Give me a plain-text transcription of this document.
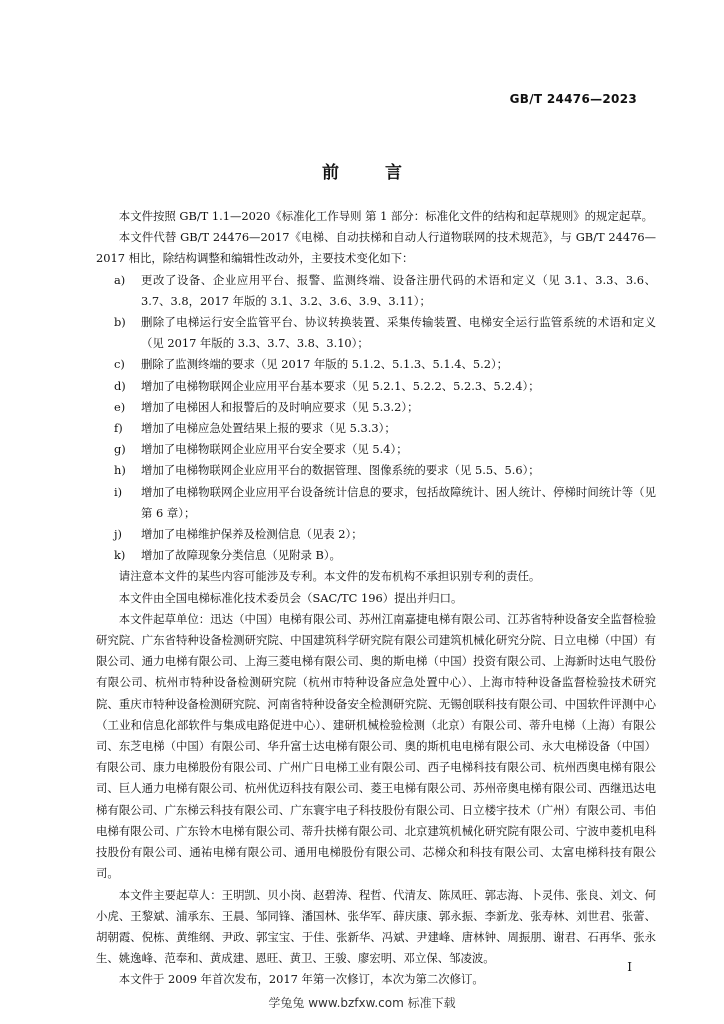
GB/T 24476—2023
前 言

本文件按照 GB/T 1.1—2020《标准化工作导则 第 1 部分：标准化文件的结构和起草规则》的规定起草。

本文件代替 GB/T 24476—2017《电梯、自动扶梯和自动人行道物联网的技术规范》，与 GB/T 24476—2017 相比，除结构调整和编辑性改动外，主要技术变化如下：

a)	更改了设备、企业应用平台、报警、监测终端、设备注册代码的术语和定义（见 3.1、3.3、3.6、3.7、3.8，2017 年版的 3.1、3.2、3.6、3.9、3.11）；
b)	删除了电梯运行安全监管平台、协议转换装置、采集传输装置、电梯安全运行监管系统的术语和定义（见 2017 年版的 3.3、3.7、3.8、3.10）；
c)	删除了监测终端的要求（见 2017 年版的 5.1.2、5.1.3、5.1.4、5.2）；
d)	增加了电梯物联网企业应用平台基本要求（见 5.2.1、5.2.2、5.2.3、5.2.4）；
e)	增加了电梯困人和报警后的及时响应要求（见 5.3.2）；
f)	增加了电梯应急处置结果上报的要求（见 5.3.3）；
g)	增加了电梯物联网企业应用平台安全要求（见 5.4）；
h)	增加了电梯物联网企业应用平台的数据管理、图像系统的要求（见 5.5、5.6）；
i)	增加了电梯物联网企业应用平台设备统计信息的要求，包括故障统计、困人统计、停梯时间统计等（见第 6 章）；
j)	增加了电梯维护保养及检测信息（见表 2）；
k)	增加了故障现象分类信息（见附录 B）。

请注意本文件的某些内容可能涉及专利。本文件的发布机构不承担识别专利的责任。

本文件由全国电梯标准化技术委员会（SAC/TC 196）提出并归口。

本文件起草单位：迅达（中国）电梯有限公司、苏州江南嘉捷电梯有限公司、江苏省特种设备安全监督检验研究院、广东省特种设备检测研究院、中国建筑科学研究院有限公司建筑机械化研究分院、日立电梯（中国）有限公司、通力电梯有限公司、上海三菱电梯有限公司、奥的斯电梯（中国）投资有限公司、上海新时达电气股份有限公司、杭州市特种设备检测研究院（杭州市特种设备应急处置中心）、上海市特种设备监督检验技术研究院、重庆市特种设备检测研究院、河南省特种设备安全检测研究院、无锡创联科技有限公司、中国软件评测中心（工业和信息化部软件与集成电路促进中心）、建研机械检验检测（北京）有限公司、蒂升电梯（上海）有限公司、东芝电梯（中国）有限公司、华升富士达电梯有限公司、奥的斯机电电梯有限公司、永大电梯设备（中国）有限公司、康力电梯股份有限公司、广州广日电梯工业有限公司、西子电梯科技有限公司、杭州西奥电梯有限公司、巨人通力电梯有限公司、杭州优迈科技有限公司、菱王电梯有限公司、苏州帝奥电梯有限公司、西继迅达电梯有限公司、广东梯云科技有限公司、广东寰宇电子科技股份有限公司、日立楼宇技术（广州）有限公司、韦伯电梯有限公司、广东铃木电梯有限公司、蒂升扶梯有限公司、北京建筑机械化研究院有限公司、宁波申菱机电科技股份有限公司、通祐电梯有限公司、通用电梯股份有限公司、芯梯众和科技有限公司、太富电梯科技有限公司。

本文件主要起草人：王明凯、贝小岗、赵碧涛、程哲、代清友、陈凤旺、郭志海、卜灵伟、张良、刘文、何小虎、王黎斌、浦承东、王晨、邹同锋、潘国林、张华军、薛庆康、郭永振、李新龙、张寿林、刘世君、张蕾、胡朝霞、倪栋、黄维纲、尹政、郭宝宝、于佳、张新华、冯斌、尹建峰、唐林钟、周振朋、谢君、石再华、张永生、姚逸峰、范奉和、黄成建、恩旺、黄卫、王骏、廖宏明、邓立保、邹凌波。

本文件于 2009 年首次发布，2017 年第一次修订，本次为第二次修订。

I
学兔兔 www.bzfxw.com 标准下载
